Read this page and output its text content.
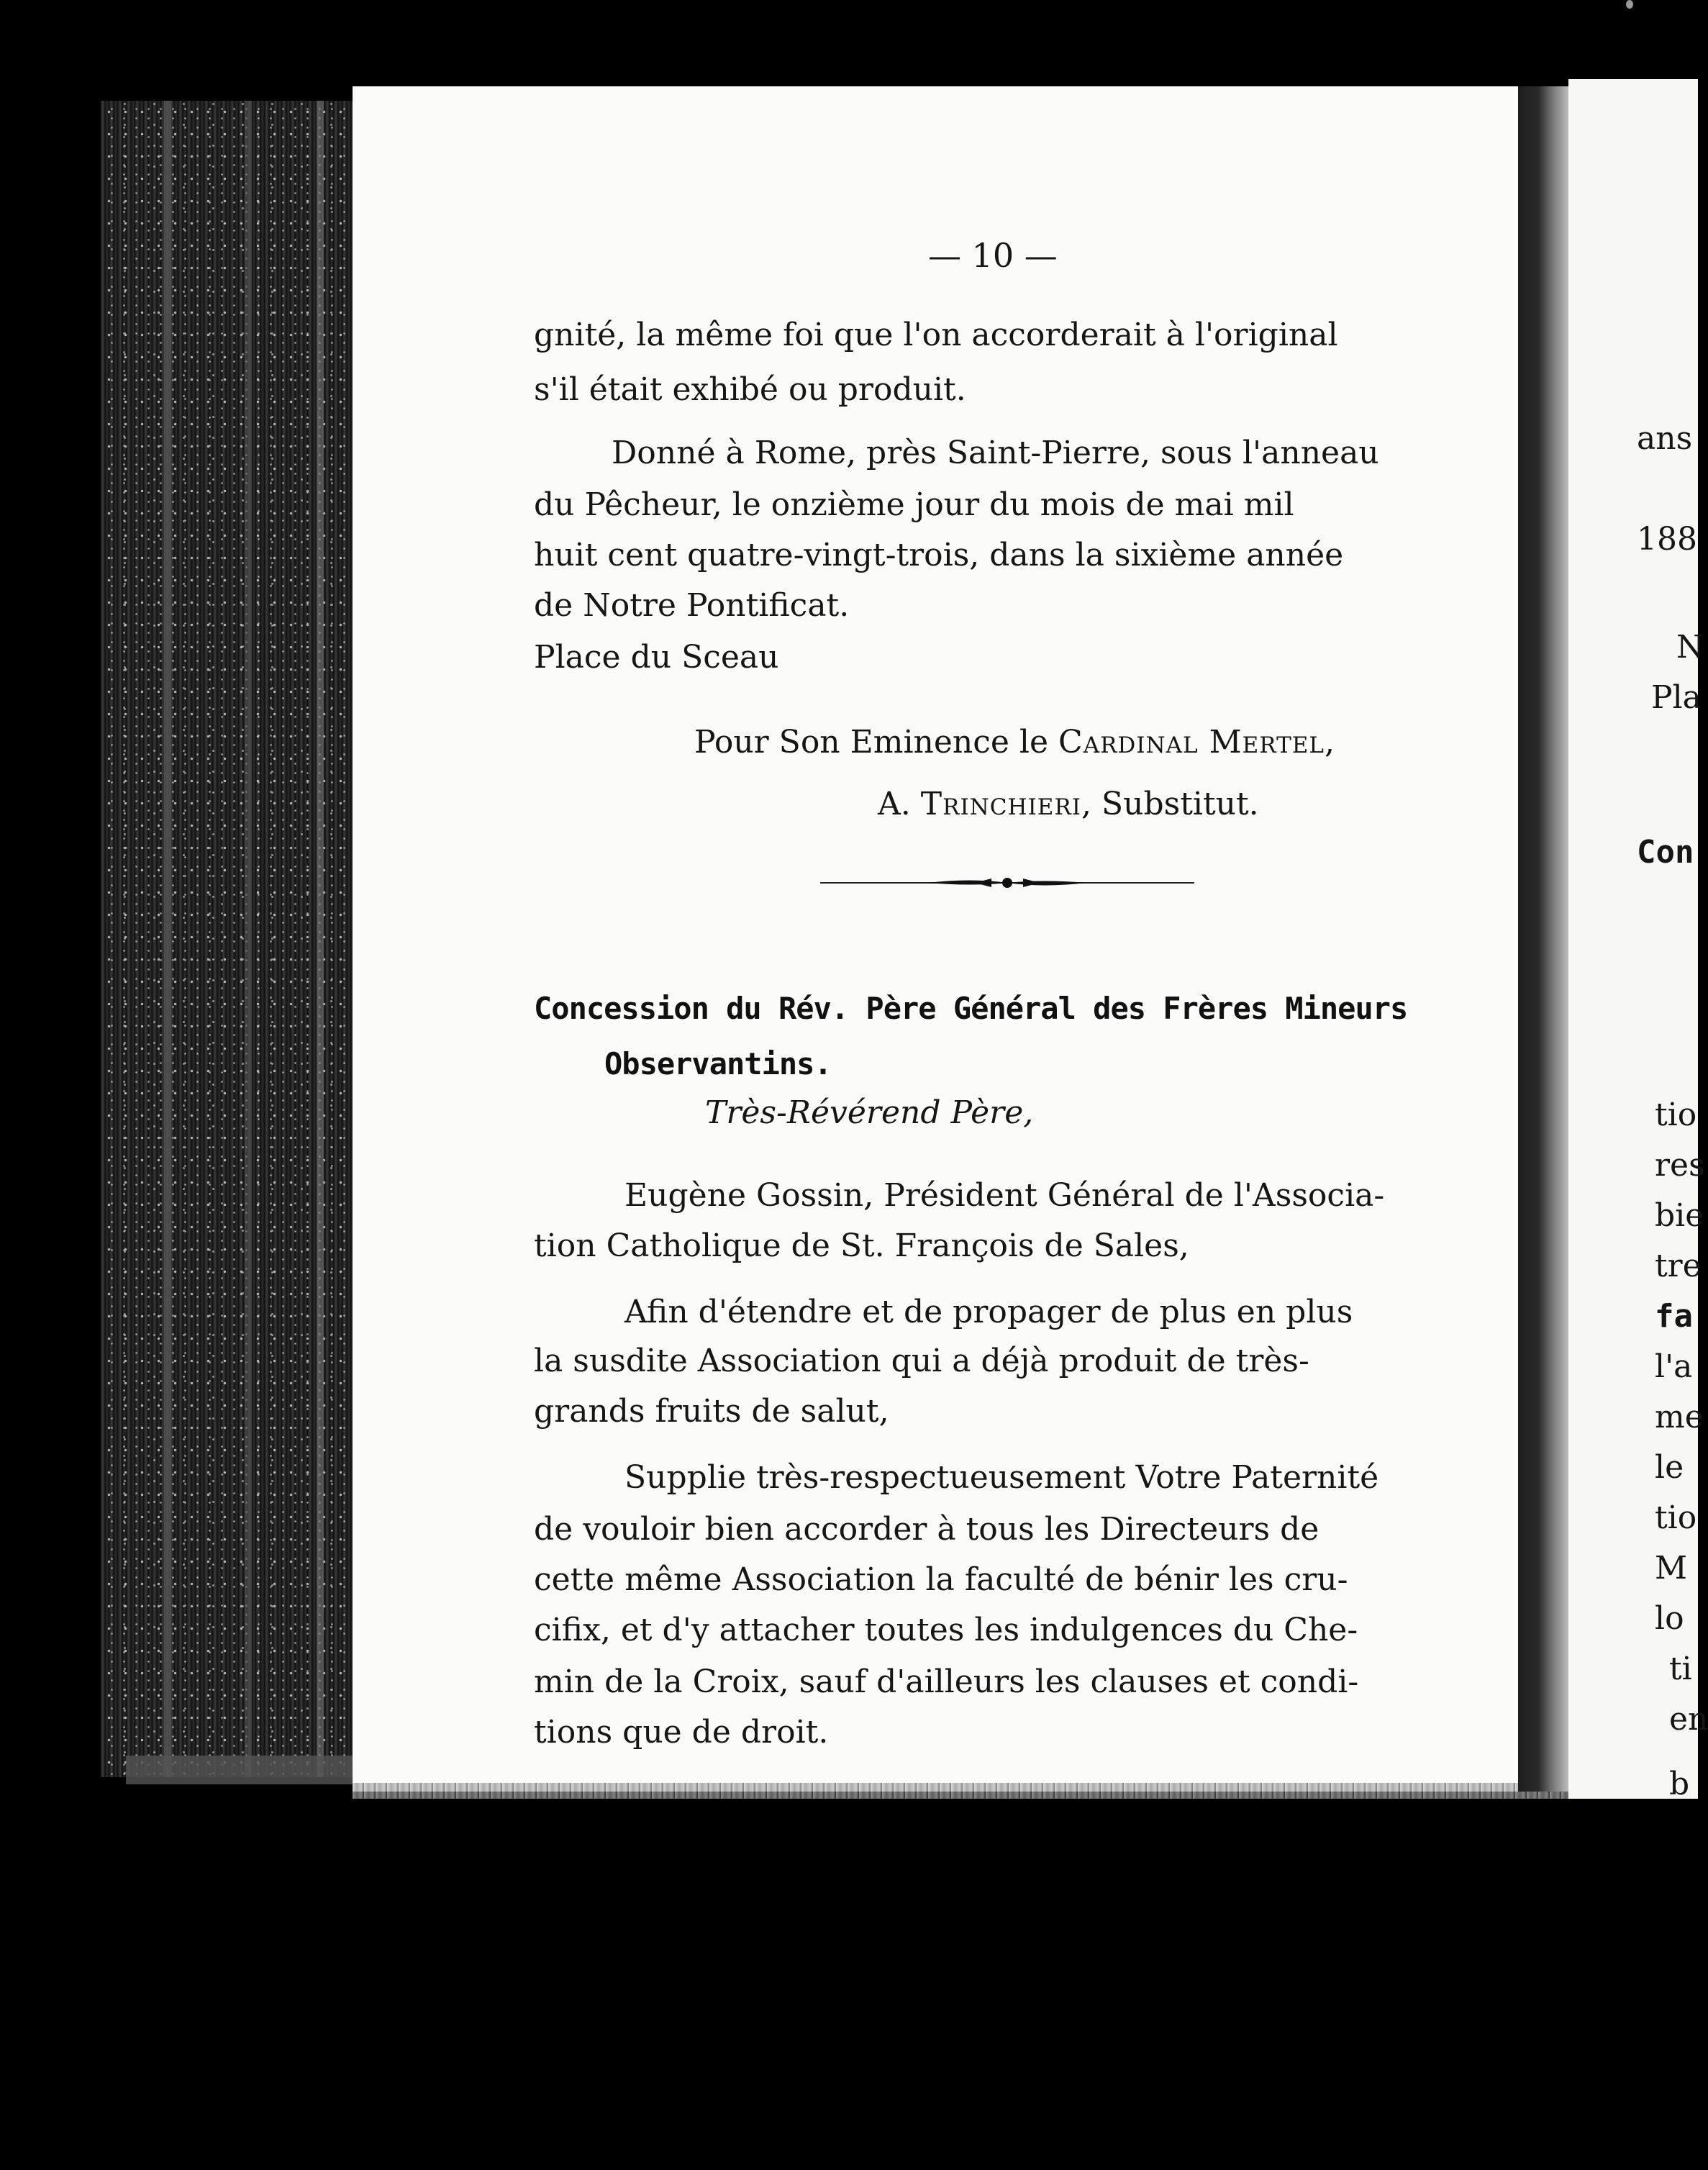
— 10 —

gnité, la même foi que l'on accorderait à l'original

s'il était exhibé ou produit.

Donné à Rome, près Saint-Pierre, sous l'anneau

du Pêcheur, le onzième jour du mois de mai mil

huit cent quatre-vingt-trois, dans la sixième année

de Notre Pontificat.

Place du Sceau

Pour Son Eminence le Cardinal Mertel,

A. Trinchieri, Substitut.

Concession du Rév. Père Général des Frères Mineurs

Observantins.

Très-Révérend Père,

Eugène Gossin, Président Général de l'Associa-

tion Catholique de St. François de Sales,

Afin d'étendre et de propager de plus en plus

la susdite Association qui a déjà produit de très-

grands fruits de salut,

Supplie très-respectueusement Votre Paternité

de vouloir bien accorder à tous les Directeurs de

cette même Association la faculté de bénir les cru-

cifix, et d'y attacher toutes les indulgences du Che-

min de la Croix, sauf d'ailleurs les clauses et condi-

tions que de droit.

ans

188

N

Pla

Con

tio

res

bie

tre

fa

l'a

me

le

tio

M

lo

ti

en

b
